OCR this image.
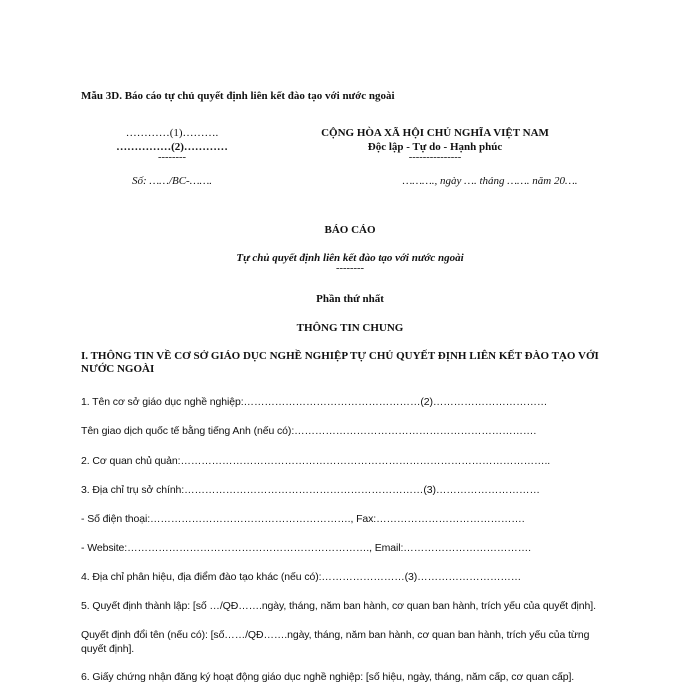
Mẫu 3D. Báo cáo tự chủ quyết định liên kết đào tạo với nước ngoài
…………(1)……….
……………(2)…………
--------
Số: ……/BC-…….
CỘNG HÒA XÃ HỘI CHỦ NGHĨA VIỆT NAM
Độc lập - Tự do - Hạnh phúc
---------------
………., ngày …. tháng ……. năm 20….
BÁO CÁO
Tự chủ quyết định liên kết đào tạo với nước ngoài
--------
Phần thứ nhất
THÔNG TIN CHUNG
I. THÔNG TIN VỀ CƠ SỞ GIÁO DỤC NGHỀ NGHIỆP TỰ CHỦ QUYẾT ĐỊNH LIÊN KẾT ĐÀO TẠO VỚI NƯỚC NGOÀI
1. Tên cơ sở giáo dục nghề nghiệp:……………………………………………(2)……………………………
Tên giao dịch quốc tế bằng tiếng Anh (nếu có):…………………………………………………………….
2. Cơ quan chủ quản:……………………………………………………………………………………………..
3. Địa chỉ trụ sở chính:……………………………………………………………(3)…………………………
- Số điện thoại:…………………………………………………., Fax:…………………………………….
- Website:……………………………………………………………., Email:……………………………….
4. Địa chỉ phân hiệu, địa điểm đào tạo khác (nếu có):……………………(3)…………………………
5. Quyết định thành lập: [số …/QĐ…….ngày, tháng, năm ban hành, cơ quan ban hành, trích yếu của quyết định].
Quyết định đổi tên (nếu có): [số……/QĐ…….ngày, tháng, năm ban hành, cơ quan ban hành, trích yếu của từng quyết định].
6. Giấy chứng nhận đăng ký hoạt động giáo dục nghề nghiệp: [số hiệu, ngày, tháng, năm cấp, cơ quan cấp].
